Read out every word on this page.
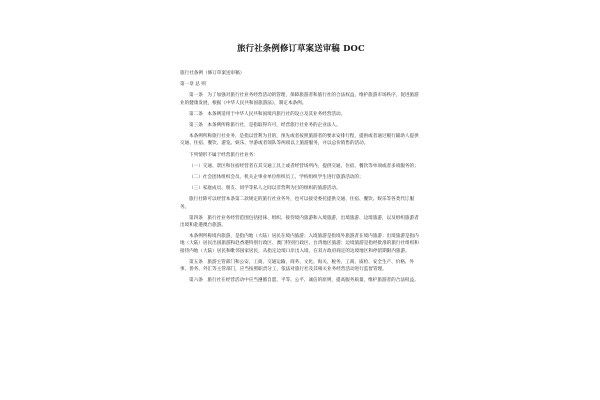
旅行社条例修订草案送审稿 DOC
旅行社条例（修订草案送审稿）
第一章 总 则
第一条　为了加强对旅行社业务经营活动的管理，保障旅游者和旅行社的合法权益，维护旅游市场秩序，促进旅游业的健康发展，根据《中华人民共和国旅游法》，制定本条例。
第二条　本条例适用于中华人民共和国境内旅行社的设立及其业务经营活动。
第三条　本条例所称旅行社，是指取得许可，经营旅行社业务的企业法人。
本条例所称旅行社业务，是指以营利为目的，预先或者按照旅游者的要求安排行程，提供或者通过履行辅助人提供交通、住宿、餐饮、游览、娱乐、导游或者领队等两项以上旅游服务，并以总价销售的活动。
下列情形不属于经营旅行社业务：
（一）交通、景区和住宿经营者在其交通工具上或者经营场所内，提供交通、住宿、餐饮等单项或者多项服务的；
（二）社会团体组织会员、机关企事业单位组织员工、学校组织学生进行旅游活动的；
（三）家庭成员、朋友、同学等私人之间以非营利为目的组织的旅游活动。
旅行社除可以经营本条第二款规定的旅行社业务外，也可以接受委托提供交通、住宿、餐饮、娱乐等各类代订服务。
第四条　旅行社业务经营范围包括招徕、组织、接待境内旅游和入境旅游，出境旅游、边境旅游，以及组织旅游者出境和赴港澳台旅游。
本条例所称境内旅游，是指内地（大陆）居民在境内旅游；入境旅游是指境外旅游者在境内旅游；出境旅游是指内地（大陆）居民出国旅游和赴香港特别行政区、澳门特别行政区、台湾地区旅游；边境旅游是指经批准的旅行社组织和接待内地（大陆）居民和毗邻国家居民，从指定边境口岸出入境，在双方政府商定的边境地区和停留期限内旅游。
第五条　旅游主管部门和公安、工商、交通运输、商务、文化、海关、税务、工商、质检、安全生产、价格、外事、侨务、外汇等主管部门，应当按照职责分工，依法对旅行社及其相关业务经营活动进行监督管理。
第六条　旅行社在经营活动中应当遵循自愿、平等、公平、诚信的原则，提高服务质量，维护旅游者的合法权益。
